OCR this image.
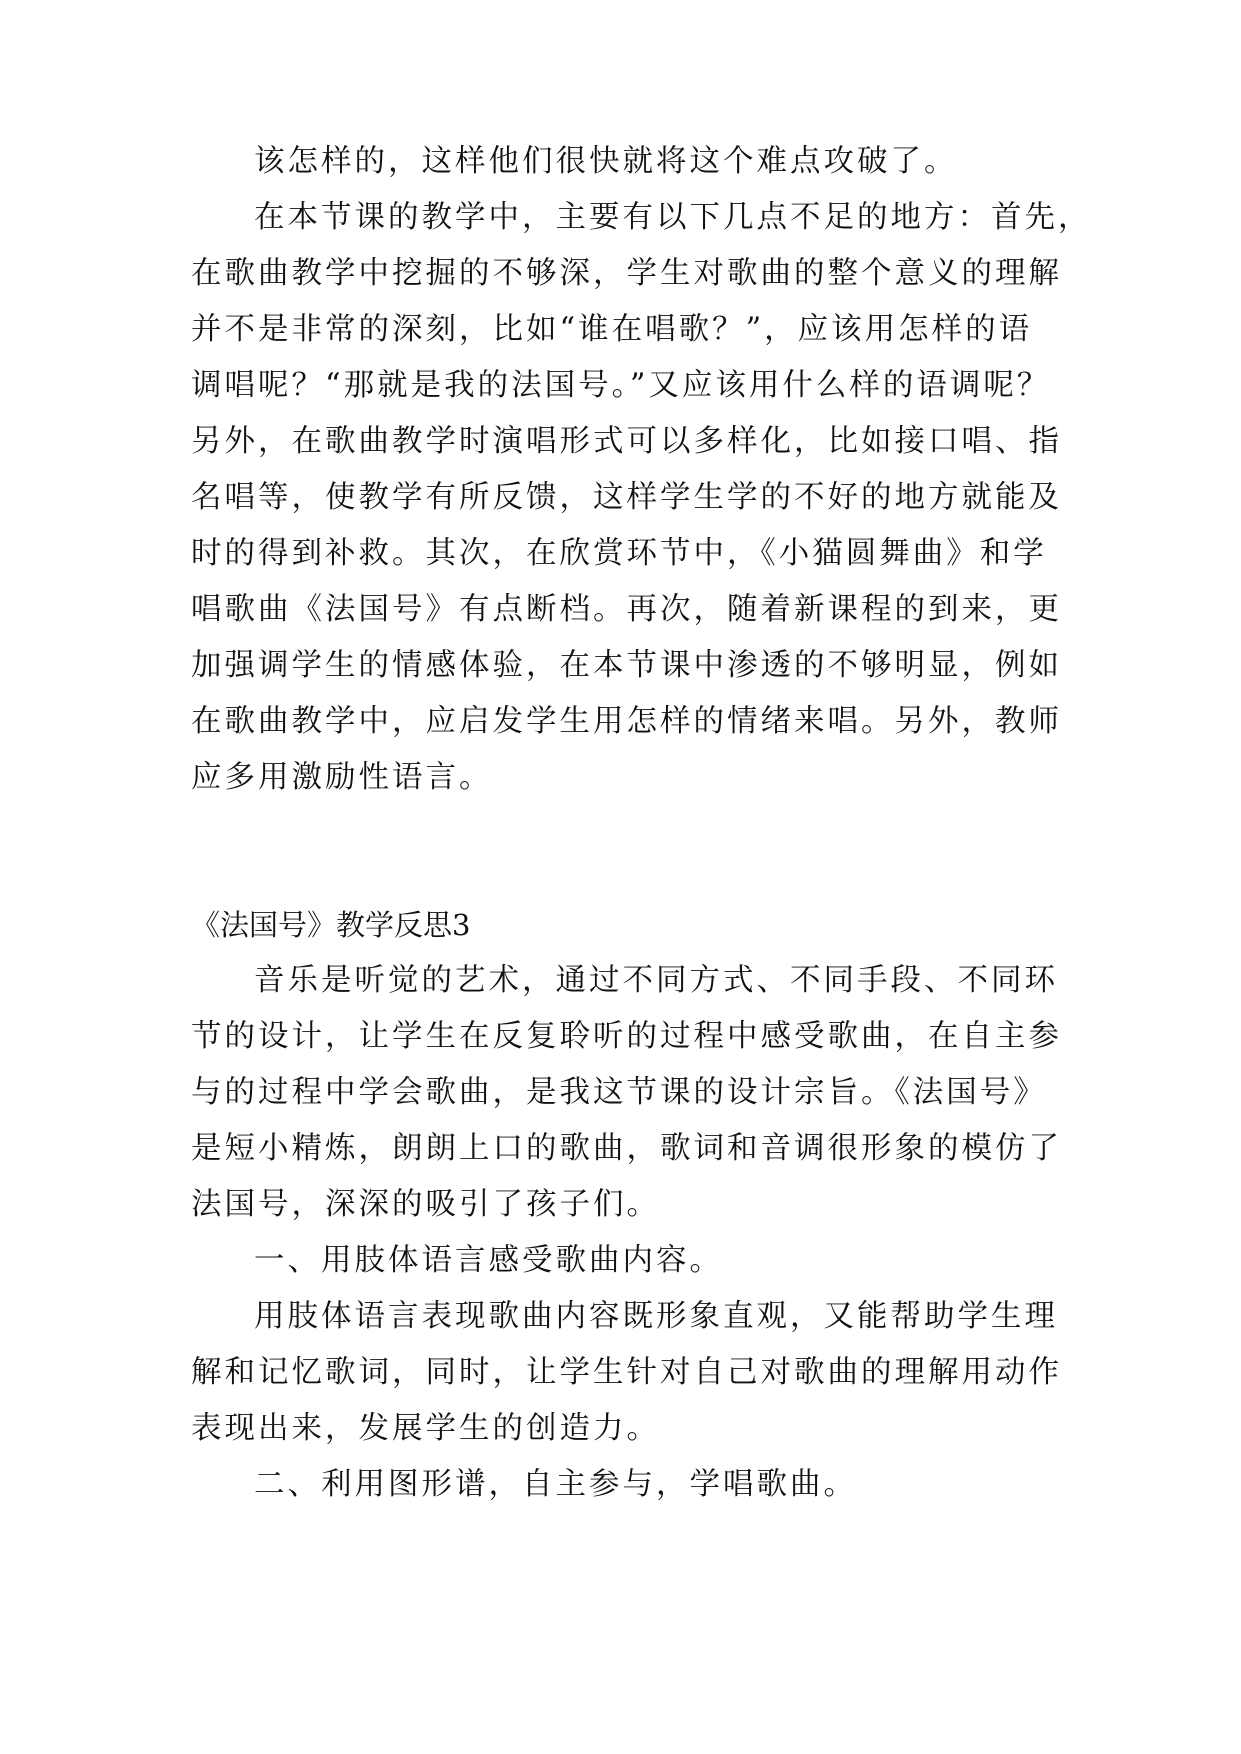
该怎样的，这样他们很快就将这个难点攻破了。
在本节课的教学中，主要有以下几点不足的地方：首先，
在歌曲教学中挖掘的不够深，学生对歌曲的整个意义的理解
并不是非常的深刻，比如“谁在唱歌？”，应该用怎样的语
调唱呢？“那就是我的法国号。”又应该用什么样的语调呢？
另外，在歌曲教学时演唱形式可以多样化，比如接口唱、指
名唱等，使教学有所反馈，这样学生学的不好的地方就能及
时的得到补救。其次，在欣赏环节中，《小猫圆舞曲》和学
唱歌曲《法国号》有点断档。再次，随着新课程的到来，更
加强调学生的情感体验，在本节课中渗透的不够明显，例如
在歌曲教学中，应启发学生用怎样的情绪来唱。另外，教师
应多用激励性语言。
《法国号》教学反思3
音乐是听觉的艺术，通过不同方式、不同手段、不同环
节的设计，让学生在反复聆听的过程中感受歌曲，在自主参
与的过程中学会歌曲，是我这节课的设计宗旨。《法国号》
是短小精炼，朗朗上口的歌曲，歌词和音调很形象的模仿了
法国号，深深的吸引了孩子们。
一、用肢体语言感受歌曲内容。
用肢体语言表现歌曲内容既形象直观，又能帮助学生理
解和记忆歌词，同时，让学生针对自己对歌曲的理解用动作
表现出来，发展学生的创造力。
二、利用图形谱，自主参与，学唱歌曲。
